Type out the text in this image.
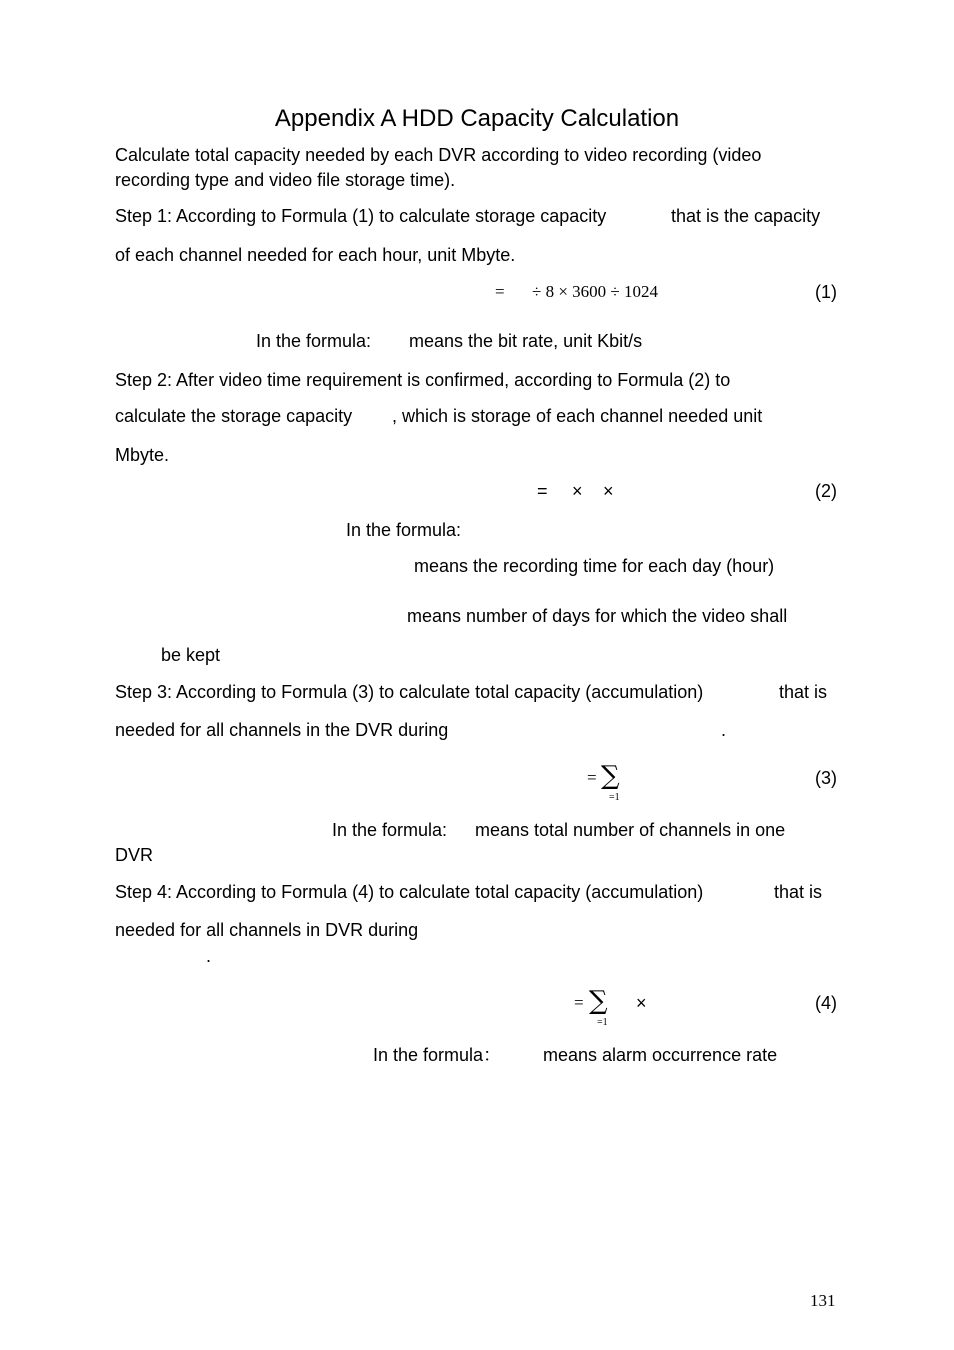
Appendix A HDD Capacity Calculation
Calculate total capacity needed by each DVR according to video recording (video
recording type and video file storage time).
Step 1: According to Formula (1) to calculate storage capacity	that is the capacity
of each channel needed for each hour, unit Mbyte.
= ÷ 8 × 3600 ÷ 1024	(1)
In the formula: means the bit rate, unit Kbit/s
Step 2: After video time requirement is confirmed, according to Formula (2) to
calculate the storage capacity , which is storage of each channel needed unit
Mbyte.
= × ×	(2)
In the formula:
means the recording time for each day (hour)
means number of days for which the video shall
be kept
Step 3: According to Formula (3) to calculate total capacity (accumulation)	that is
needed for all channels in the DVR during	.
= ∑
=1
(3)
In the formula: means total number of channels in one
DVR
Step 4: According to Formula (4) to calculate total capacity (accumulation)	that is
needed for all channels in DVR during
.
= ∑
=1
×	(4)
In the formula： means alarm occurrence rate
131
